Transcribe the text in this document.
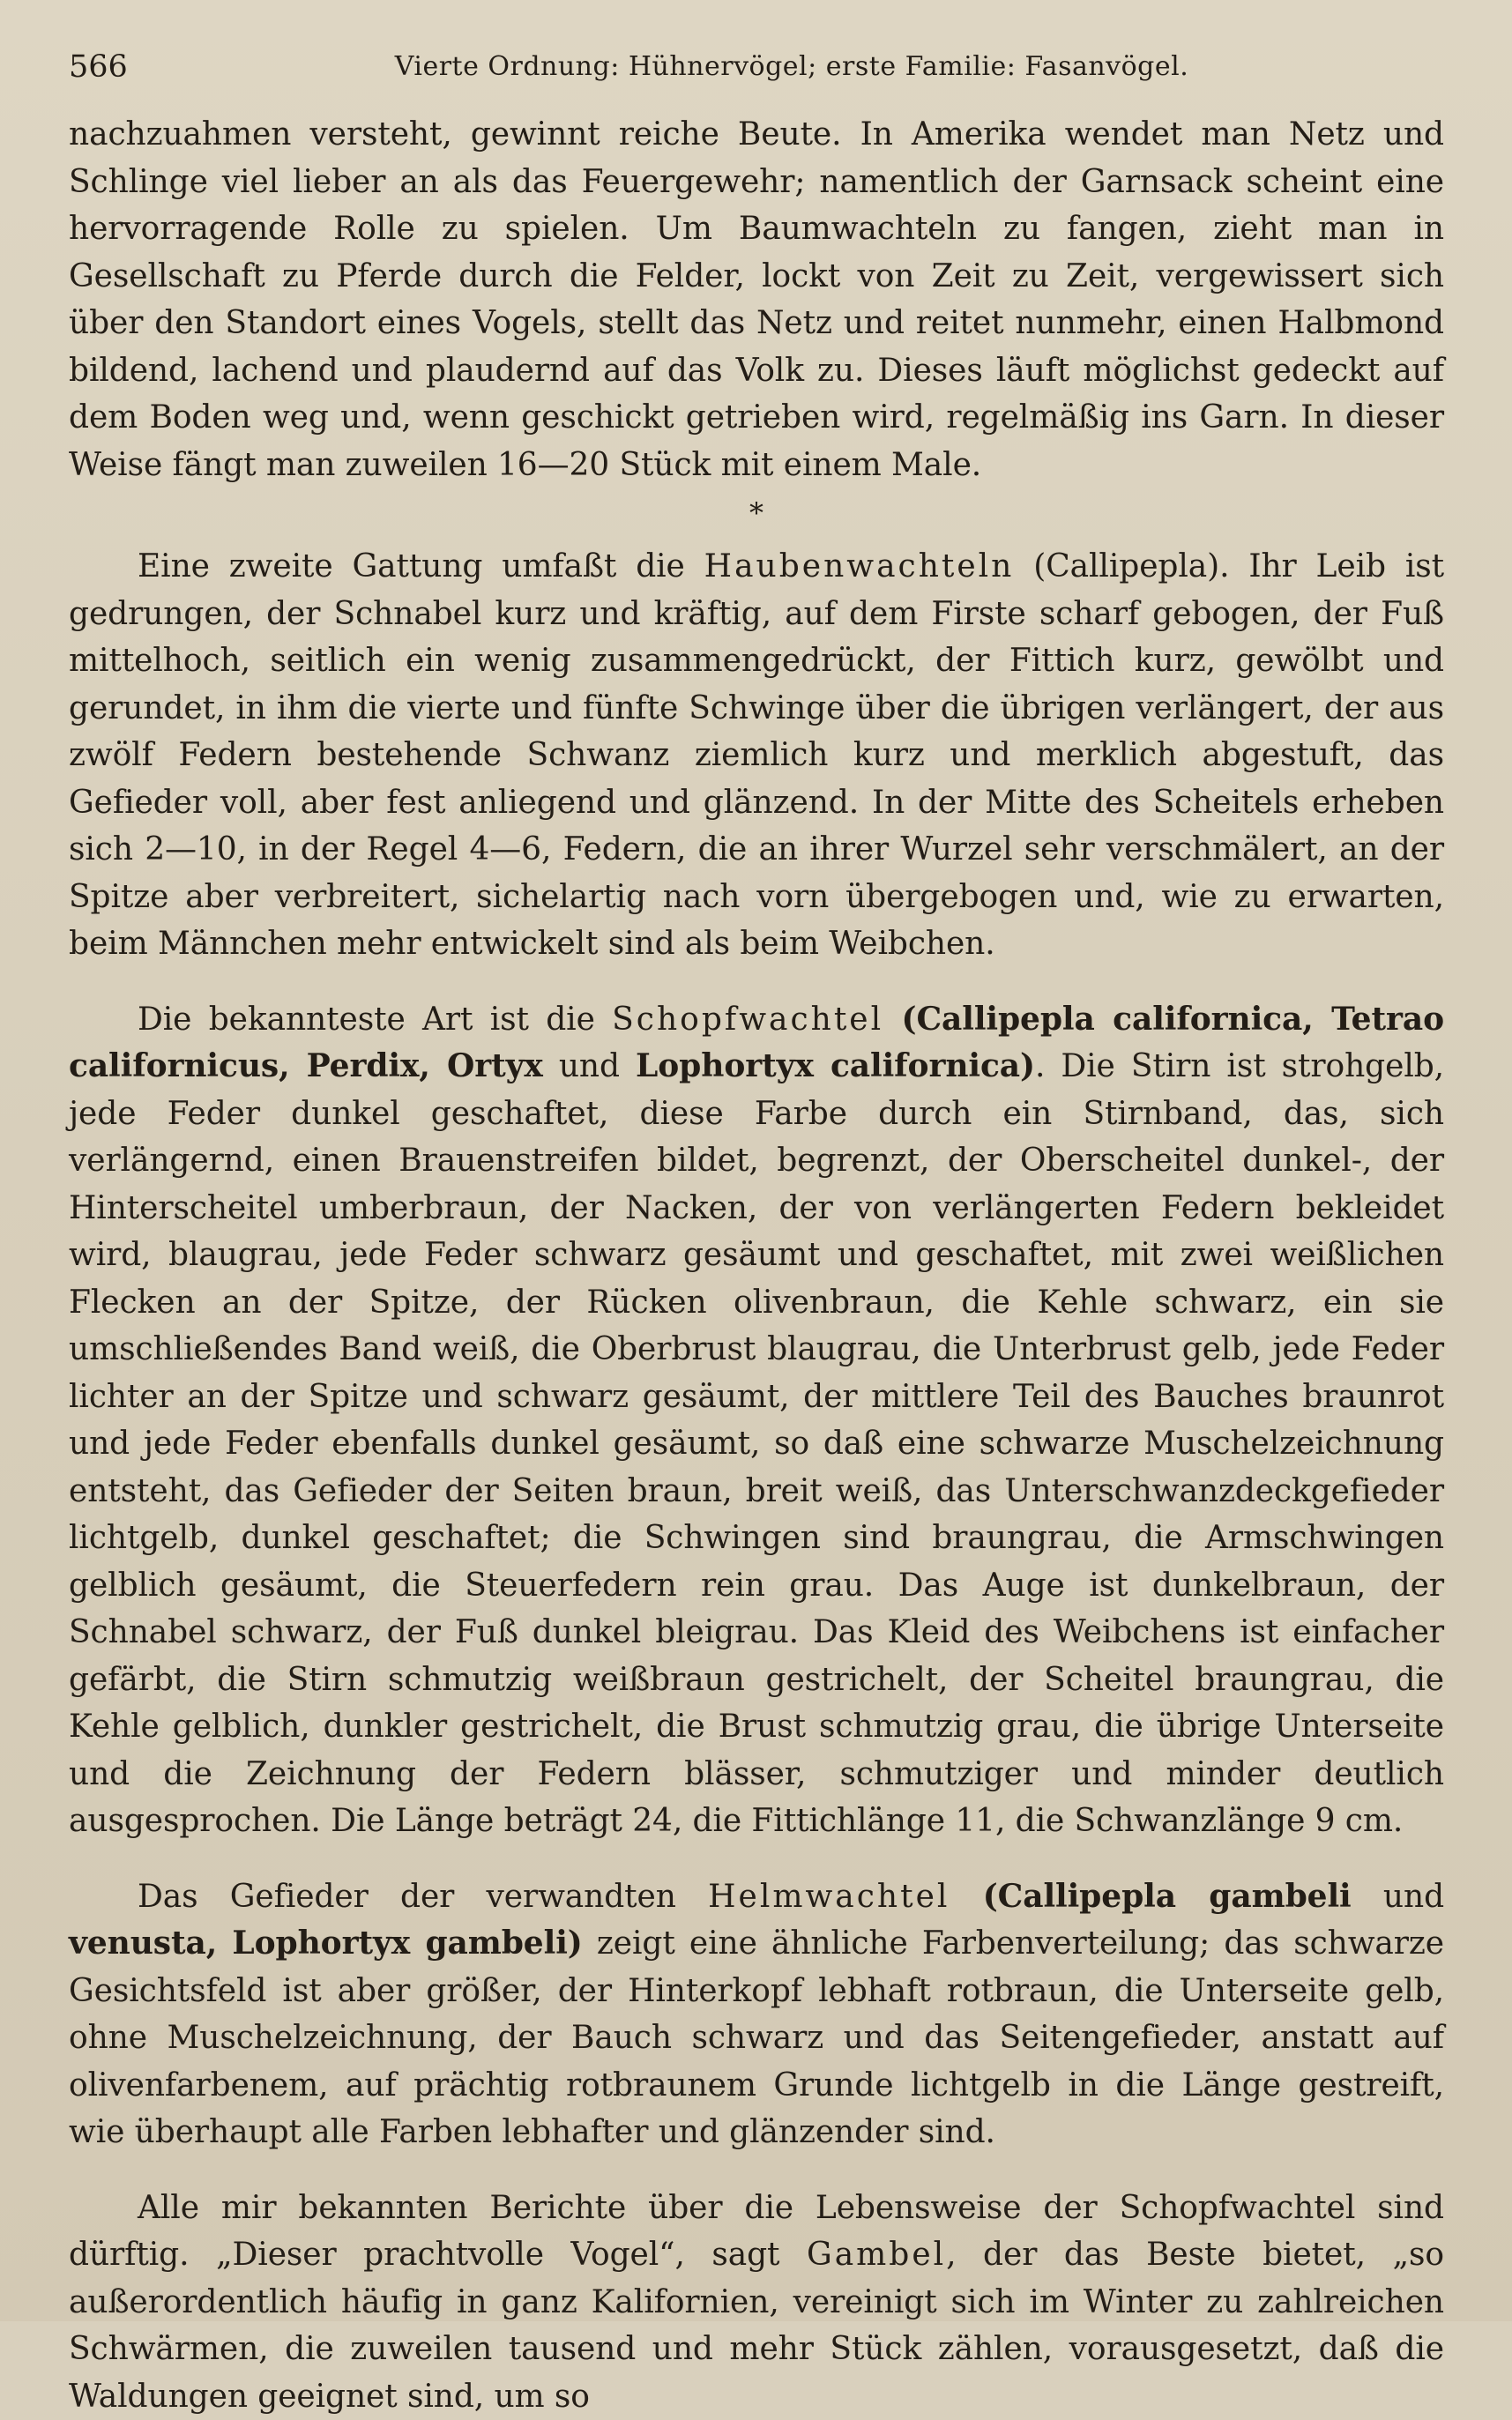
566	Vierte Ordnung: Hühnervögel; erste Familie: Fasanvögel.

nachzuahmen versteht, gewinnt reiche Beute. In Amerika wendet man Netz und Schlinge viel lieber an als das Feuergewehr; namentlich der Garnsack scheint eine hervorragende Rolle zu spielen. Um Baumwachteln zu fangen, zieht man in Gesellschaft zu Pferde durch die Felder, lockt von Zeit zu Zeit, vergewissert sich über den Standort eines Vogels, stellt das Netz und reitet nunmehr, einen Halbmond bildend, lachend und plaudernd auf das Volk zu. Dieses läuft möglichst gedeckt auf dem Boden weg und, wenn geschickt getrieben wird, regelmäßig ins Garn. In dieser Weise fängt man zuweilen 16—20 Stück mit einem Male.

*

Eine zweite Gattung umfaßt die Haubenwachteln (Callipepla). Ihr Leib ist gedrungen, der Schnabel kurz und kräftig, auf dem Firste scharf gebogen, der Fuß mittelhoch, seitlich ein wenig zusammengedrückt, der Fittich kurz, gewölbt und gerundet, in ihm die vierte und fünfte Schwinge über die übrigen verlängert, der aus zwölf Federn bestehende Schwanz ziemlich kurz und merklich abgestuft, das Gefieder voll, aber fest anliegend und glänzend. In der Mitte des Scheitels erheben sich 2—10, in der Regel 4—6, Federn, die an ihrer Wurzel sehr verschmälert, an der Spitze aber verbreitert, sichelartig nach vorn übergebogen und, wie zu erwarten, beim Männchen mehr entwickelt sind als beim Weibchen.

Die bekannteste Art ist die Schopfwachtel (Callipepla californica, Tetrao californicus, Perdix, Ortyx und Lophortyx californica). Die Stirn ist strohgelb, jede Feder dunkel geschaftet, diese Farbe durch ein Stirnband, das, sich verlängernd, einen Brauenstreifen bildet, begrenzt, der Oberscheitel dunkel-, der Hinterscheitel umberbraun, der Nacken, der von verlängerten Federn bekleidet wird, blaugrau, jede Feder schwarz gesäumt und geschaftet, mit zwei weißlichen Flecken an der Spitze, der Rücken olivenbraun, die Kehle schwarz, ein sie umschließendes Band weiß, die Oberbrust blaugrau, die Unterbrust gelb, jede Feder lichter an der Spitze und schwarz gesäumt, der mittlere Teil des Bauches braunrot und jede Feder ebenfalls dunkel gesäumt, so daß eine schwarze Muschelzeichnung entsteht, das Gefieder der Seiten braun, breit weiß, das Unterschwanzdeckgefieder lichtgelb, dunkel geschaftet; die Schwingen sind braungrau, die Armschwingen gelblich gesäumt, die Steuerfedern rein grau. Das Auge ist dunkelbraun, der Schnabel schwarz, der Fuß dunkel bleigrau. Das Kleid des Weibchens ist einfacher gefärbt, die Stirn schmutzig weißbraun gestrichelt, der Scheitel braungrau, die Kehle gelblich, dunkler gestrichelt, die Brust schmutzig grau, die übrige Unterseite und die Zeichnung der Federn blässer, schmutziger und minder deutlich ausgesprochen. Die Länge beträgt 24, die Fittichlänge 11, die Schwanzlänge 9 cm.

Das Gefieder der verwandten Helmwachtel (Callipepla gambeli und venusta, Lophortyx gambeli) zeigt eine ähnliche Farbenverteilung; das schwarze Gesichtsfeld ist aber größer, der Hinterkopf lebhaft rotbraun, die Unterseite gelb, ohne Muschelzeichnung, der Bauch schwarz und das Seitengefieder, anstatt auf olivenfarbenem, auf prächtig rotbraunem Grunde lichtgelb in die Länge gestreift, wie überhaupt alle Farben lebhafter und glänzender sind.

Alle mir bekannten Berichte über die Lebensweise der Schopfwachtel sind dürftig. „Dieser prachtvolle Vogel“, sagt Gambel, der das Beste bietet, „so außerordentlich häufig in ganz Kalifornien, vereinigt sich im Winter zu zahlreichen Schwärmen, die zuweilen tausend und mehr Stück zählen, vorausgesetzt, daß die Waldungen geeignet sind, um so
